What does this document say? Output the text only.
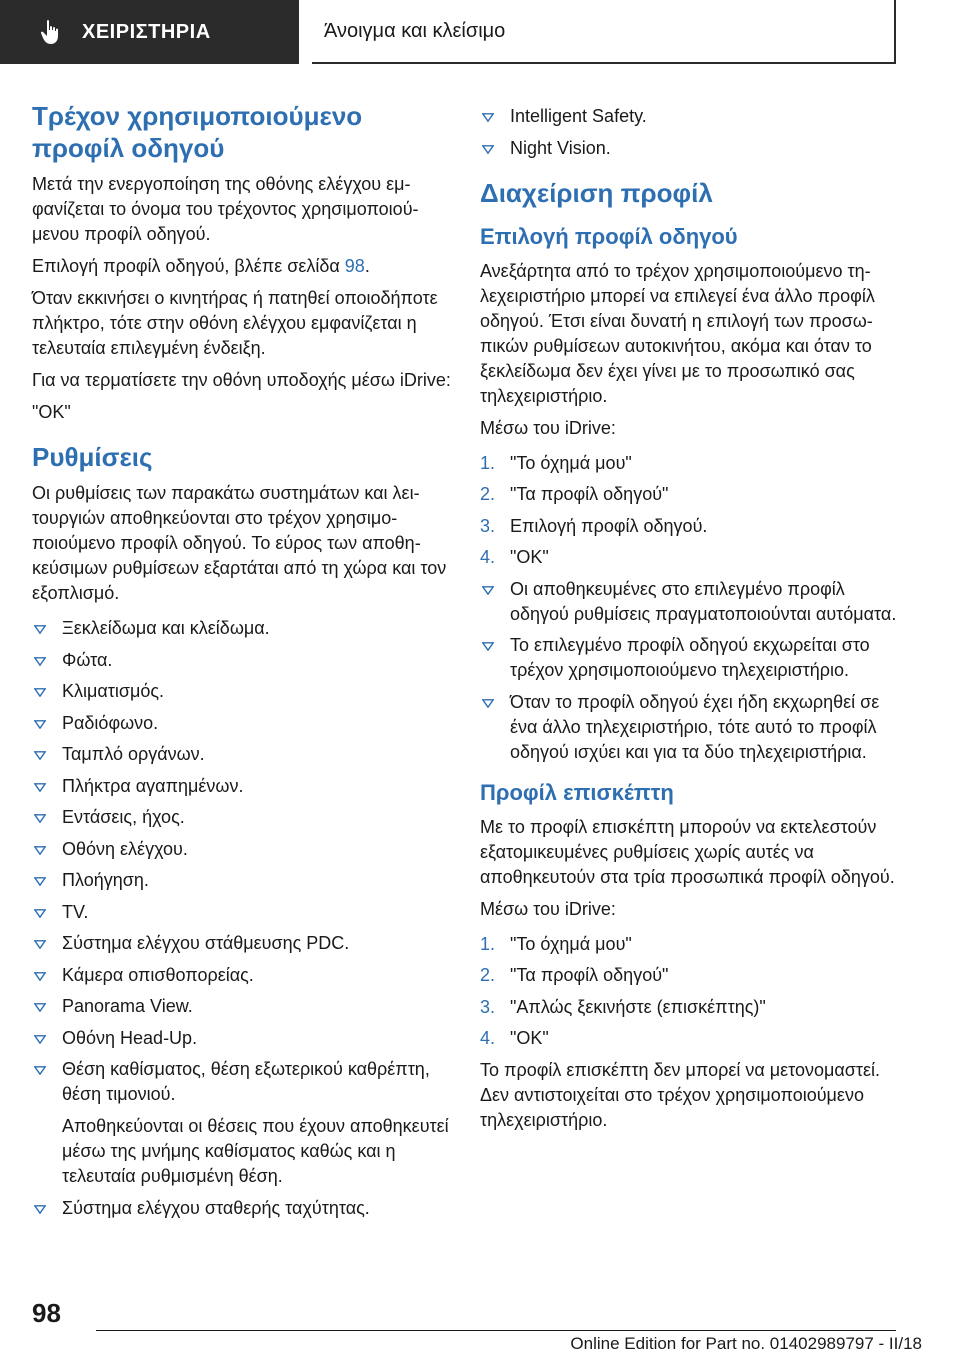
ΧΕΙΡΙΣΤΗΡΙΑ	Άνοιγμα και κλείσιμο
Τρέχον χρησιμοποιούμενο προφίλ οδηγού

Μετά την ενεργοποίηση της οθόνης ελέγχου εμφανίζεται το όνομα του τρέχοντος χρησιμοποιούμενου προφίλ οδηγού.

Επιλογή προφίλ οδηγού, βλέπε σελίδα 98.

Όταν εκκινήσει ο κινητήρας ή πατηθεί οποιοδήποτε πλήκτρο, τότε στην οθόνη ελέγχου εμφανίζεται η τελευταία επιλεγμένη ένδειξη.

Για να τερματίσετε την οθόνη υποδοχής μέσω iDrive:

"OK"

Ρυθμίσεις

Οι ρυθμίσεις των παρακάτω συστημάτων και λειτουργιών αποθηκεύονται στο τρέχον χρησιμοποιούμενο προφίλ οδηγού. Το εύρος των αποθηκεύσιμων ρυθμίσεων εξαρτάται από τη χώρα και τον εξοπλισμό.

Ξεκλείδωμα και κλείδωμα.
Φώτα.
Κλιματισμός.
Ραδιόφωνο.
Ταμπλό οργάνων.
Πλήκτρα αγαπημένων.
Εντάσεις, ήχος.
Οθόνη ελέγχου.
Πλοήγηση.
TV.
Σύστημα ελέγχου στάθμευσης PDC.
Κάμερα οπισθοπορείας.
Panorama View.
Οθόνη Head-Up.
Θέση καθίσματος, θέση εξωτερικού καθρέπτη, θέση τιμονιού.

Αποθηκεύονται οι θέσεις που έχουν αποθηκευτεί μέσω της μνήμης καθίσματος καθώς και η τελευταία ρυθμισμένη θέση.

Σύστημα ελέγχου σταθερής ταχύτητας.
Intelligent Safety.
Night Vision.
Διαχείριση προφίλ
Επιλογή προφίλ οδηγού

Ανεξάρτητα από το τρέχον χρησιμοποιούμενο τηλεχειριστήριο μπορεί να επιλεγεί ένα άλλο προφίλ οδηγού. Έτσι είναι δυνατή η επιλογή των προσωπικών ρυθμίσεων αυτοκινήτου, ακόμα και όταν το ξεκλείδωμα δεν έχει γίνει με το προσωπικό σας τηλεχειριστήριο.

Μέσω του iDrive:

1. "Το όχημά μου"
2. "Τα προφίλ οδηγού"
3. Επιλογή προφίλ οδηγού.
4. "OK"
Οι αποθηκευμένες στο επιλεγμένο προφίλ οδηγού ρυθμίσεις πραγματοποιούνται αυτόματα.
Το επιλεγμένο προφίλ οδηγού εκχωρείται στο τρέχον χρησιμοποιούμενο τηλεχειριστήριο.
Όταν το προφίλ οδηγού έχει ήδη εκχωρηθεί σε ένα άλλο τηλεχειριστήριο, τότε αυτό το προφίλ οδηγού ισχύει και για τα δύο τηλεχειριστήρια.
Προφίλ επισκέπτη

Με το προφίλ επισκέπτη μπορούν να εκτελεστούν εξατομικευμένες ρυθμίσεις χωρίς αυτές να αποθηκευτούν στα τρία προσωπικά προφίλ οδηγού.

Μέσω του iDrive:

1. "Το όχημά μου"
2. "Τα προφίλ οδηγού"
3. "Απλώς ξεκινήστε (επισκέπτης)"
4. "OK"

Το προφίλ επισκέπτη δεν μπορεί να μετονομαστεί. Δεν αντιστοιχείται στο τρέχον χρησιμοποιούμενο τηλεχειριστήριο.

98
Online Edition for Part no. 01402989797 - II/18
